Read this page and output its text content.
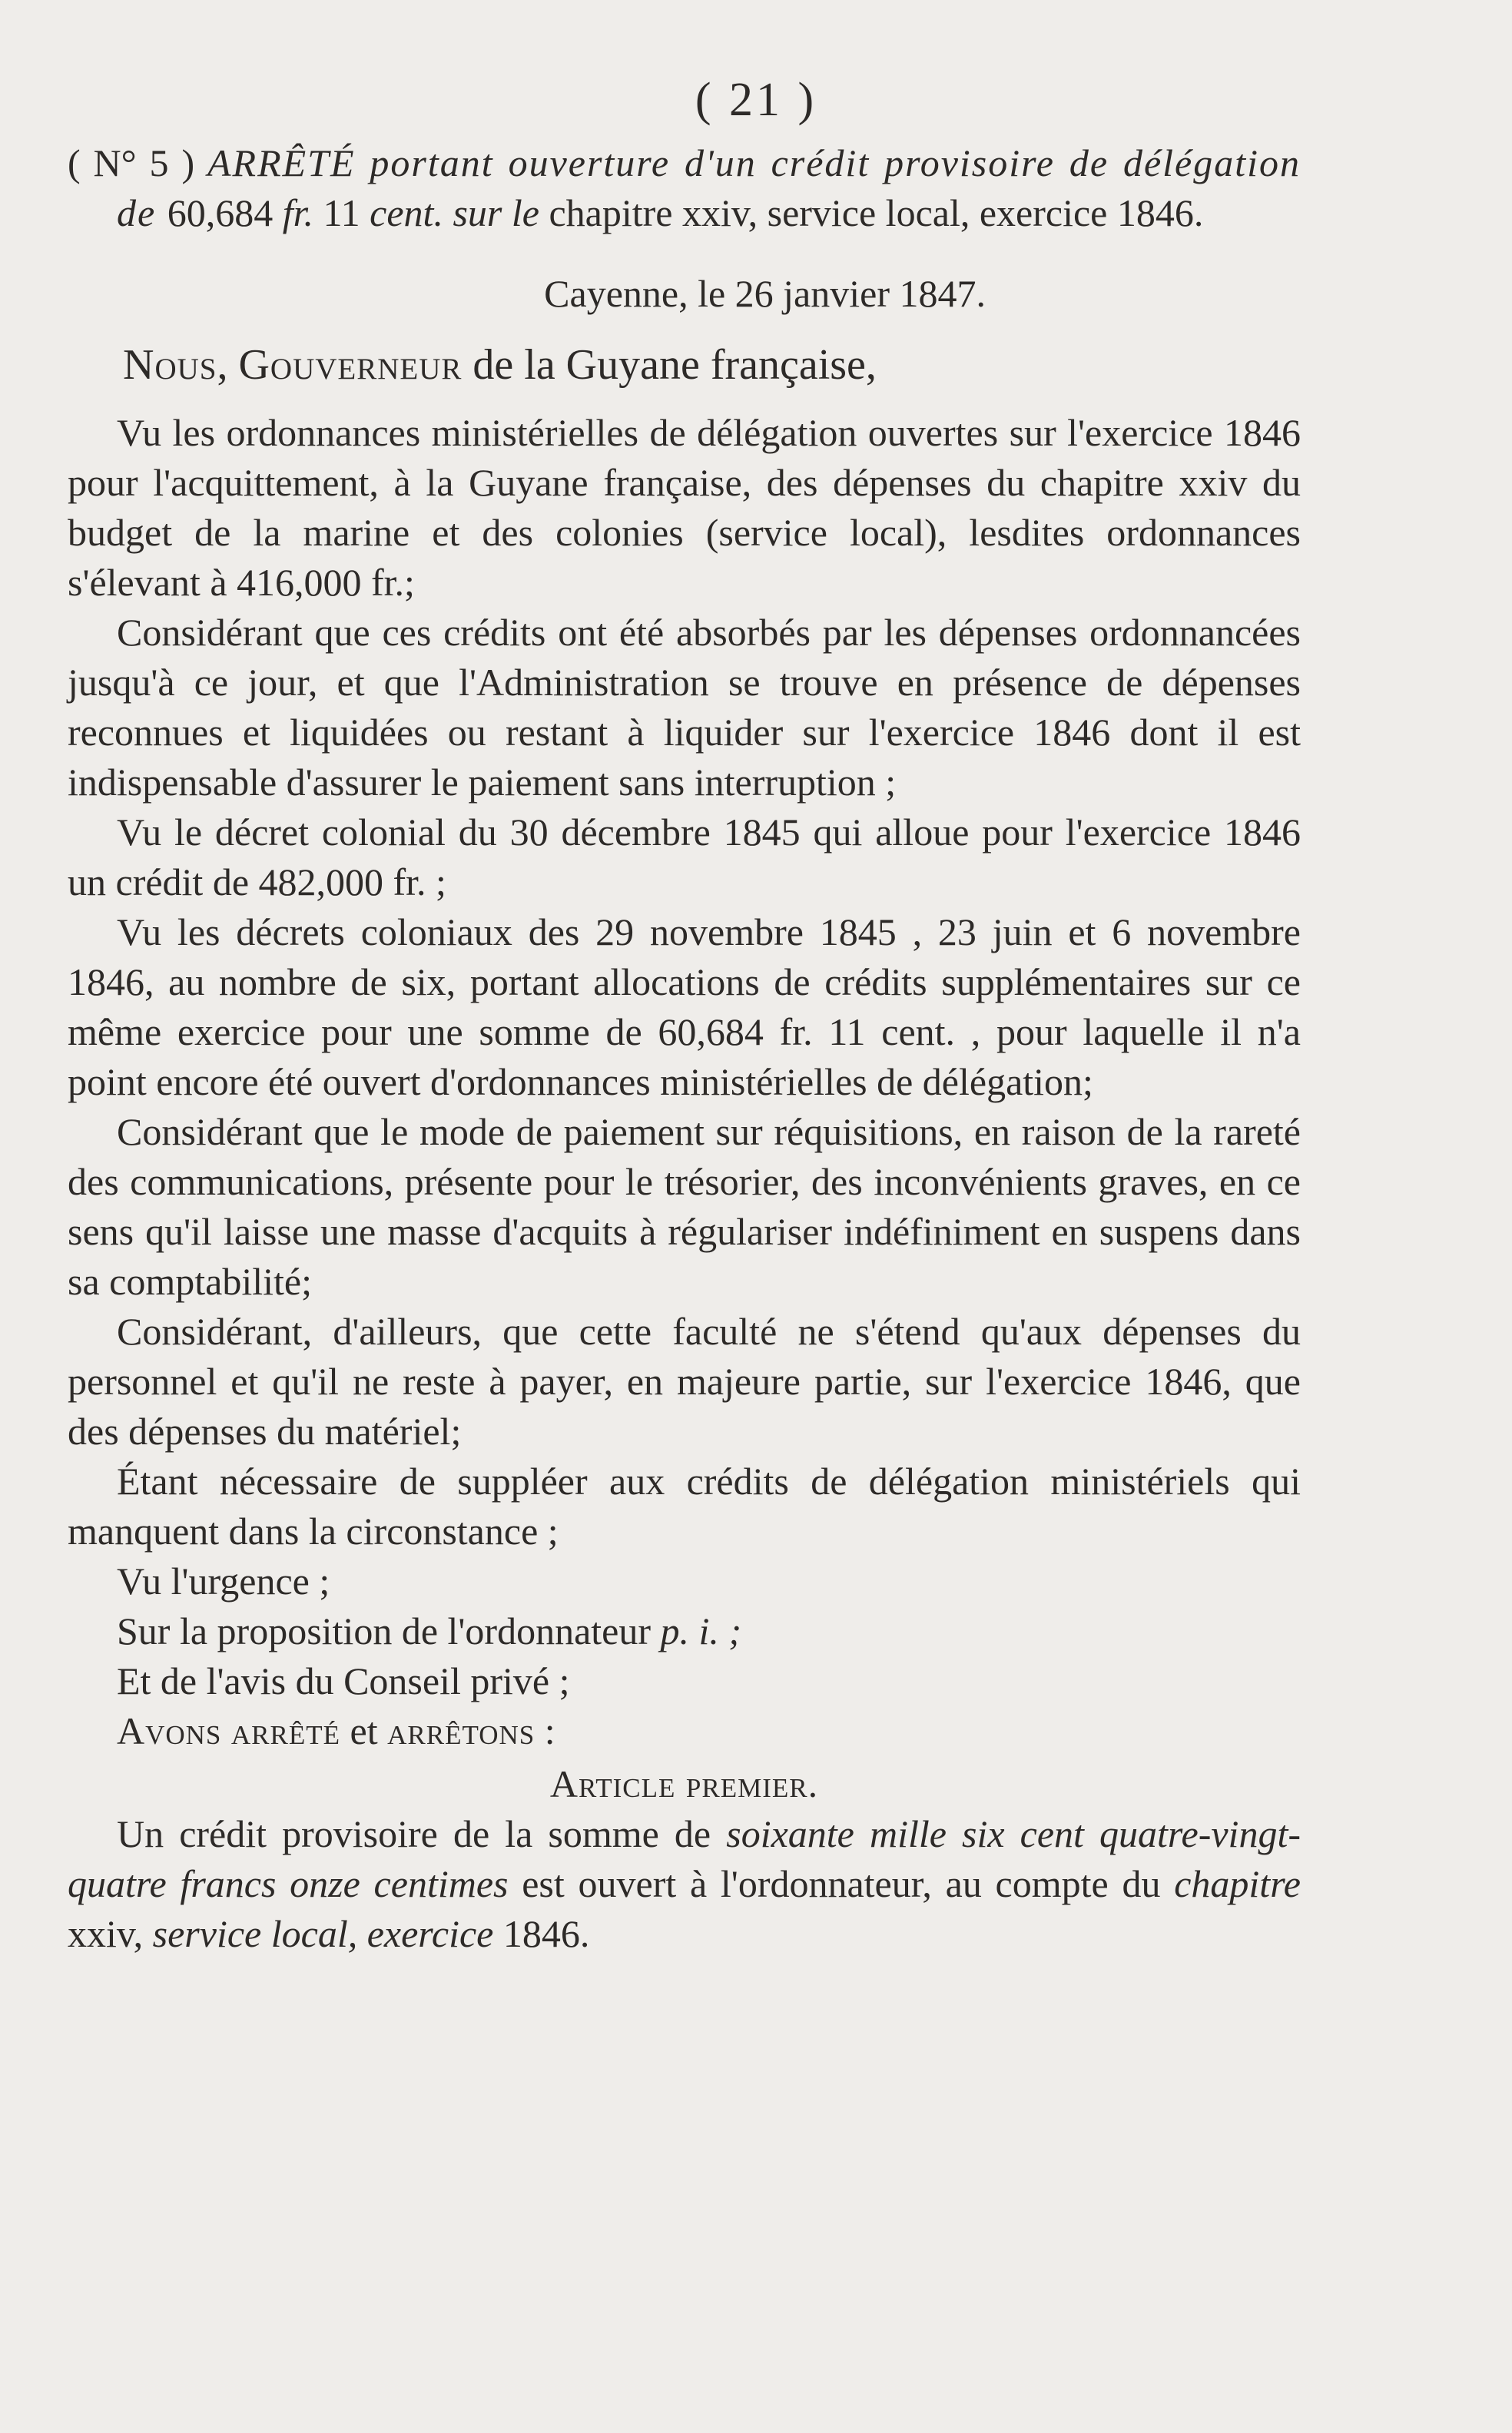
( 21 )
( N° 5 ) ARRÊTÉ portant ouverture d'un crédit provisoire de délégation de 60,684 fr. 11 cent. sur le chapitre xxiv, service local, exercice 1846.
Cayenne, le 26 janvier 1847.
Nous, Gouverneur de la Guyane française,
Vu les ordonnances ministérielles de délégation ouvertes sur l'exercice 1846 pour l'acquittement, à la Guyane française, des dépenses du chapitre xxiv du budget de la marine et des colonies (service local), lesdites ordonnances s'élevant à 416,000 fr.;
Considérant que ces crédits ont été absorbés par les dépenses ordonnancées jusqu'à ce jour, et que l'Administration se trouve en présence de dépenses reconnues et liquidées ou restant à liquider sur l'exercice 1846 dont il est indispensable d'assurer le paiement sans interruption ;
Vu le décret colonial du 30 décembre 1845 qui alloue pour l'exercice 1846 un crédit de 482,000 fr. ;
Vu les décrets coloniaux des 29 novembre 1845 , 23 juin et 6 novembre 1846, au nombre de six, portant allocations de crédits supplémentaires sur ce même exercice pour une somme de 60,684 fr. 11 cent. , pour laquelle il n'a point encore été ouvert d'ordonnances ministérielles de délégation;
Considérant que le mode de paiement sur réquisitions, en raison de la rareté des communications, présente pour le trésorier, des inconvénients graves, en ce sens qu'il laisse une masse d'acquits à régulariser indéfiniment en suspens dans sa comptabilité;
Considérant, d'ailleurs, que cette faculté ne s'étend qu'aux dépenses du personnel et qu'il ne reste à payer, en majeure partie, sur l'exercice 1846, que des dépenses du matériel;
Étant nécessaire de suppléer aux crédits de délégation ministériels qui manquent dans la circonstance ;
Vu l'urgence ;
Sur la proposition de l'ordonnateur p. i. ;
Et de l'avis du Conseil privé ;
Avons arrêté et arrêtons :
Article premier.
Un crédit provisoire de la somme de soixante mille six cent quatre-vingt-quatre francs onze centimes est ouvert à l'ordonnateur, au compte du chapitre xxiv, service local, exercice 1846.
